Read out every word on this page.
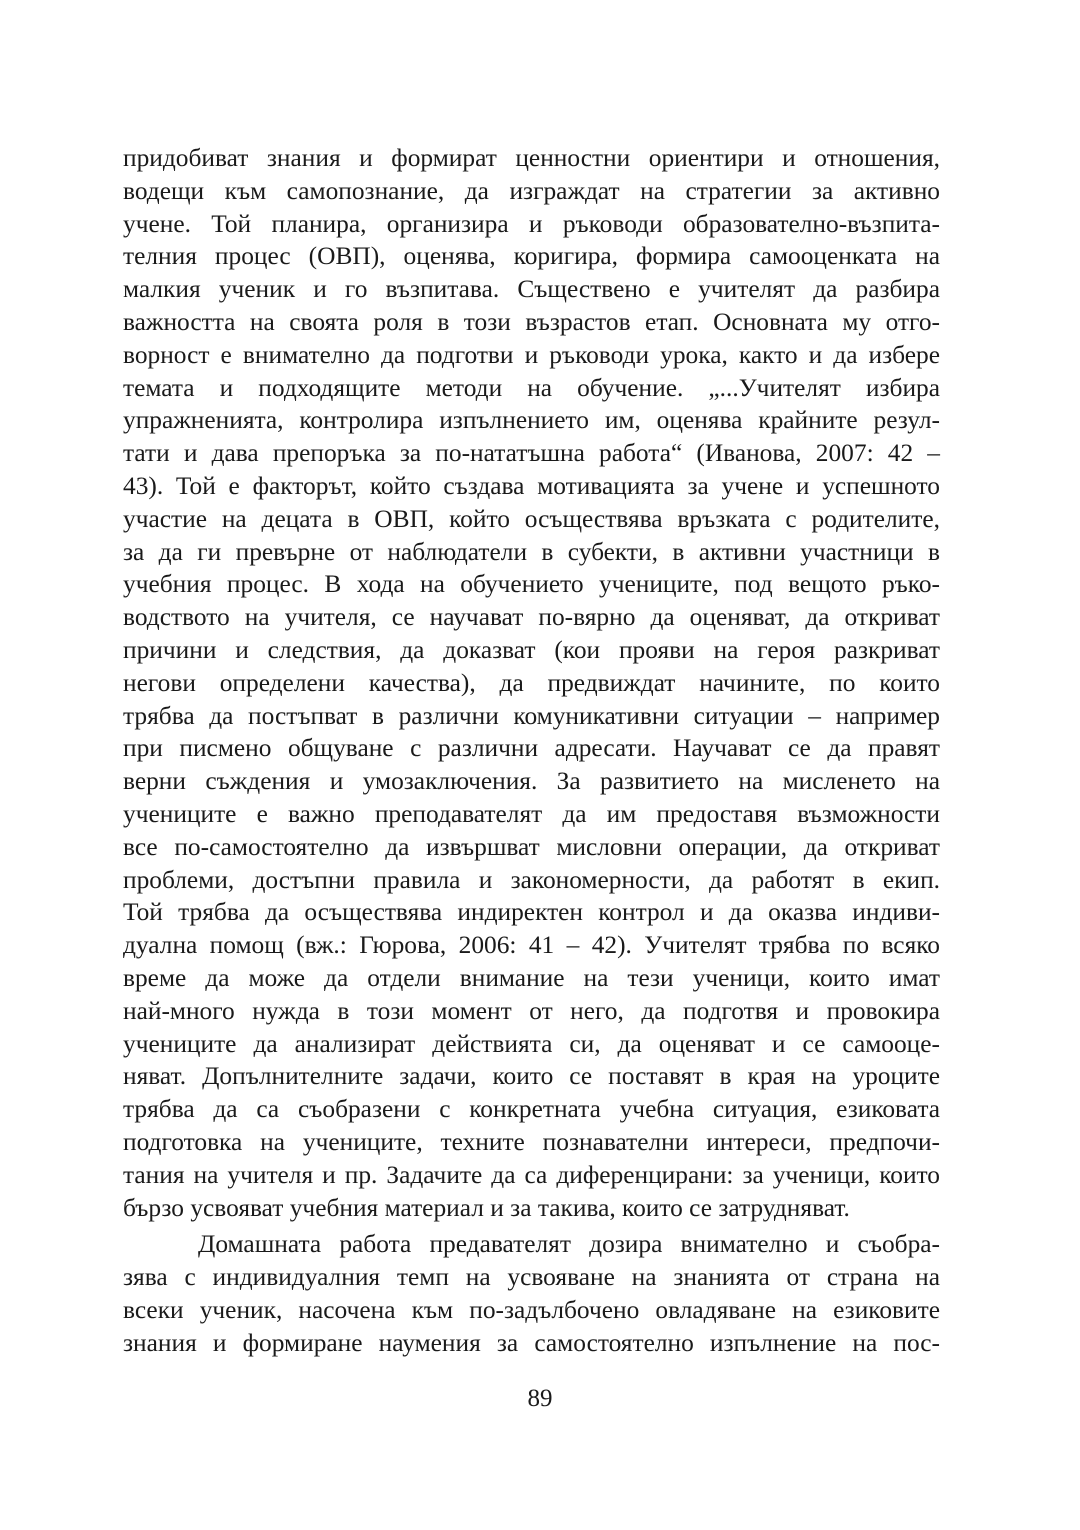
придобиват знания и формират ценностни ориентири и отношения,
водещи към самопознание, да изграждат на стратегии за активно
учене. Той планира, организира и ръководи образователно-възпита-
телния процес (ОВП), оценява, коригира, формира самооценката на
малкия ученик и го възпитава. Съществено е учителят да разбира
важността на своята роля в този възрастов етап. Основната му отго-
ворност е внимателно да подготви и ръководи урока, както и да избере
темата и подходящите методи на обучение. „...Учителят избира
упражненията, контролира изпълнението им, оценява крайните резул-
тати и дава препоръка за по-нататъшна работа“ (Иванова, 2007: 42 –
43). Той е факторът, който създава мотивацията за учене и успешното
участие на децата в ОВП, който осъществява връзката с родителите,
за да ги превърне от наблюдатели в субекти, в активни участници в
учебния процес. В хода на обучението учениците, под вещото ръко-
водството на учителя, се научават по-вярно да оценяват, да откриват
причини и следствия, да доказват (кои прояви на героя разкриват
негови определени качества), да предвиждат начините, по които
трябва да постъпват в различни комуникативни ситуации – например
при писмено общуване с различни адресати. Научават се да правят
верни съждения и умозаключения. За развитието на мисленето на
учениците е важно преподавателят да им предоставя възможности
все по-самостоятелно да извършват мисловни операции, да откриват
проблеми, достъпни правила и закономерности, да работят в екип.
Той трябва да осъществява индиректен контрол и да оказва индиви-
дуална помощ (вж.: Гюрова, 2006: 41 – 42). Учителят трябва по всяко
време да може да отдели внимание на тези ученици, които имат
най-много нужда в този момент от него, да подготвя и провокира
учениците да анализират действията си, да оценяват и се самооце-
няват. Допълнителните задачи, които се поставят в края на уроците
трябва да са съобразени с конкретната учебна ситуация, езиковата
подготовка на учениците, техните познавателни интереси, предпочи-
тания на учителя и пр. Задачите да са диференцирани: за ученици, които
бързо усвояват учебния материал и за такива, които се затрудняват.
Домашната работа предавателят дозира внимателно и съобра-
зява с индивидуалния темп на усвояване на знанията от страна на
всеки ученик, насочена към по-задълбочено овладяване на езиковите
знания и формиране наумения за самостоятелно изпълнение на пос-
89
